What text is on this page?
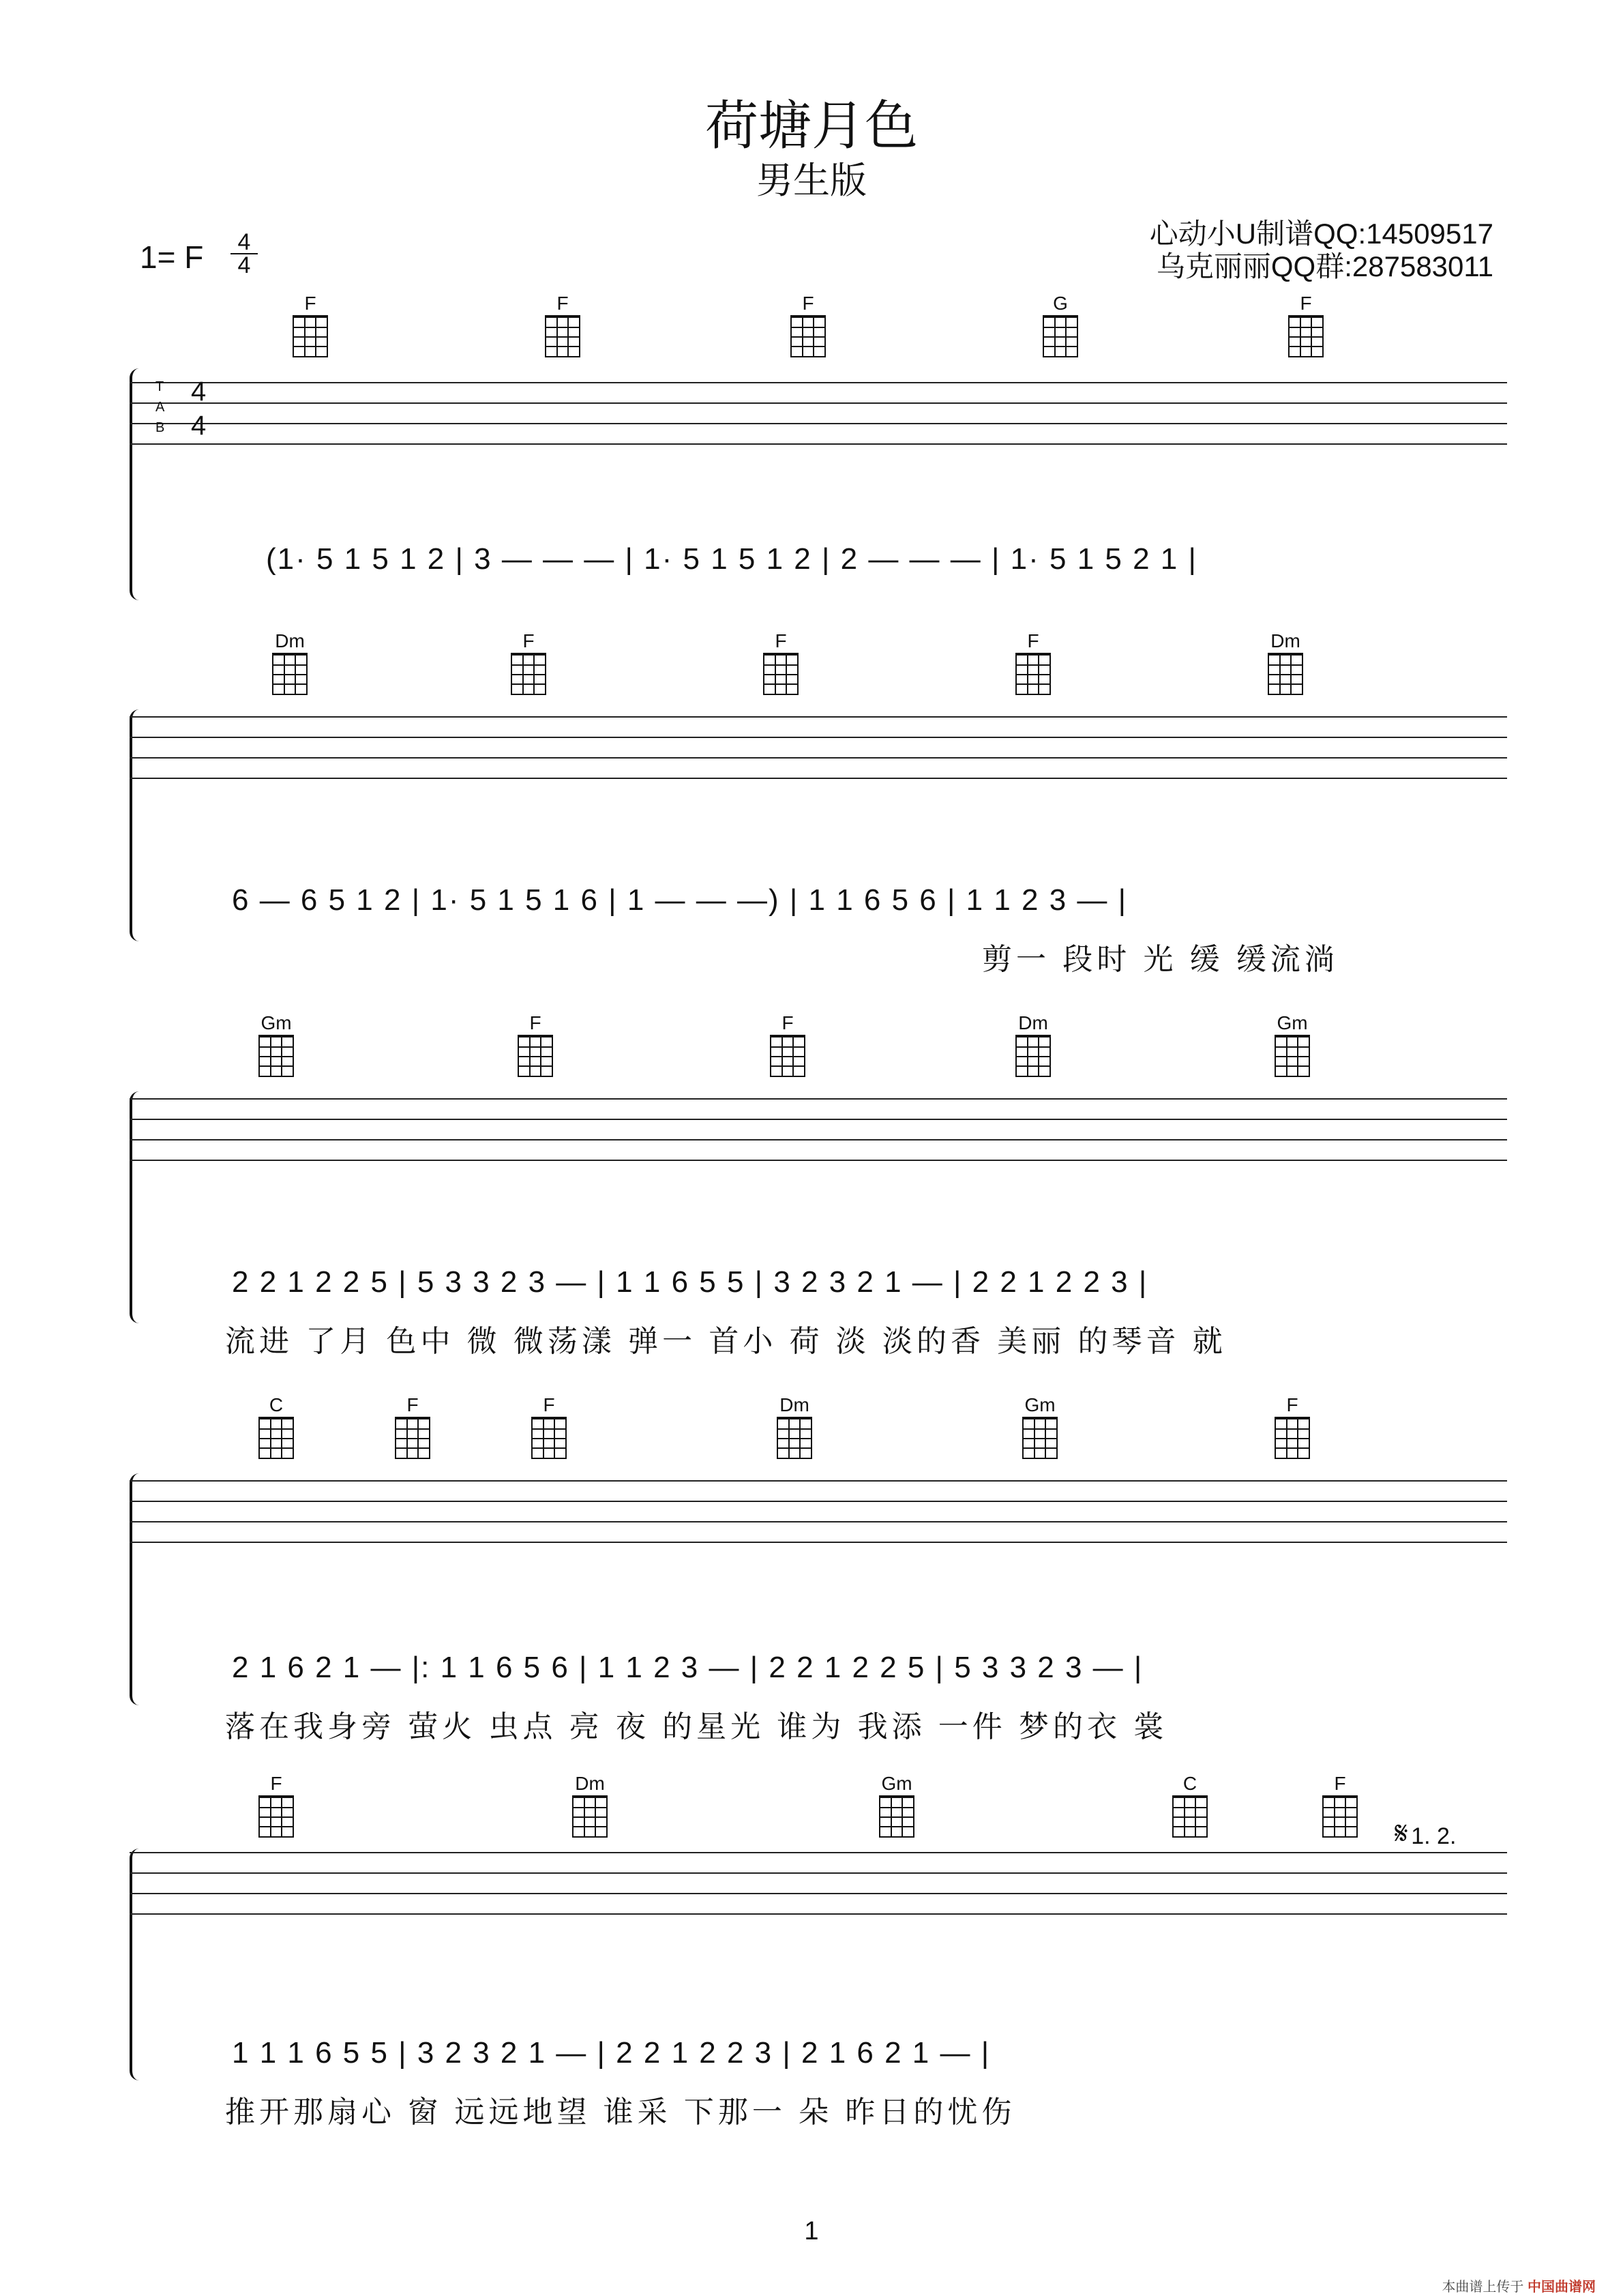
荷塘月色
男生版
心动小U制谱QQ:14509517
乌克丽丽QQ群:287583011
1= F	4
4
F	F	F	G	F
T
A
B
4
4
(1· 5 1 5 1 2 | 3 — — — | 1· 5 1 5 1 2 | 2 — — — | 1· 5 1 5 2 1 |
Dm	F	F	F	Dm
6 — 6 5 1 2 | 1· 5 1 5 1 6 | 1 — — —) | 1 1 6 5 6 | 1 1 2 3 — |
剪一 段时 光 缓 缓流淌
Gm	F	F	Dm	Gm
2 2 1 2 2 5 | 5 3 3 2 3 — | 1 1 6 5 5 | 3 2 3 2 1 — | 2 2 1 2 2 3 |
流进 了月 色中 微 微荡漾 弹一 首小 荷 淡 淡的香 美丽 的琴音 就
C	F	F	Dm	Gm	F
2 1 6 2 1 — |: 1 1 6 5 6 | 1 1 2 3 — | 2 2 1 2 2 5 | 5 3 3 2 3 — |
落在我身旁 萤火 虫点 亮 夜 的星光 谁为 我添 一件 梦的衣 裳
F	Dm	Gm	C	F
𝄋 1. 2.
1 1 1 6 5 5 | 3 2 3 2 1 — | 2 2 1 2 2 3 | 2 1 6 2 1 — |
推开那扇心 窗 远远地望 谁采 下那一 朵 昨日的忧伤
1
本曲谱上传于 中国曲谱网
